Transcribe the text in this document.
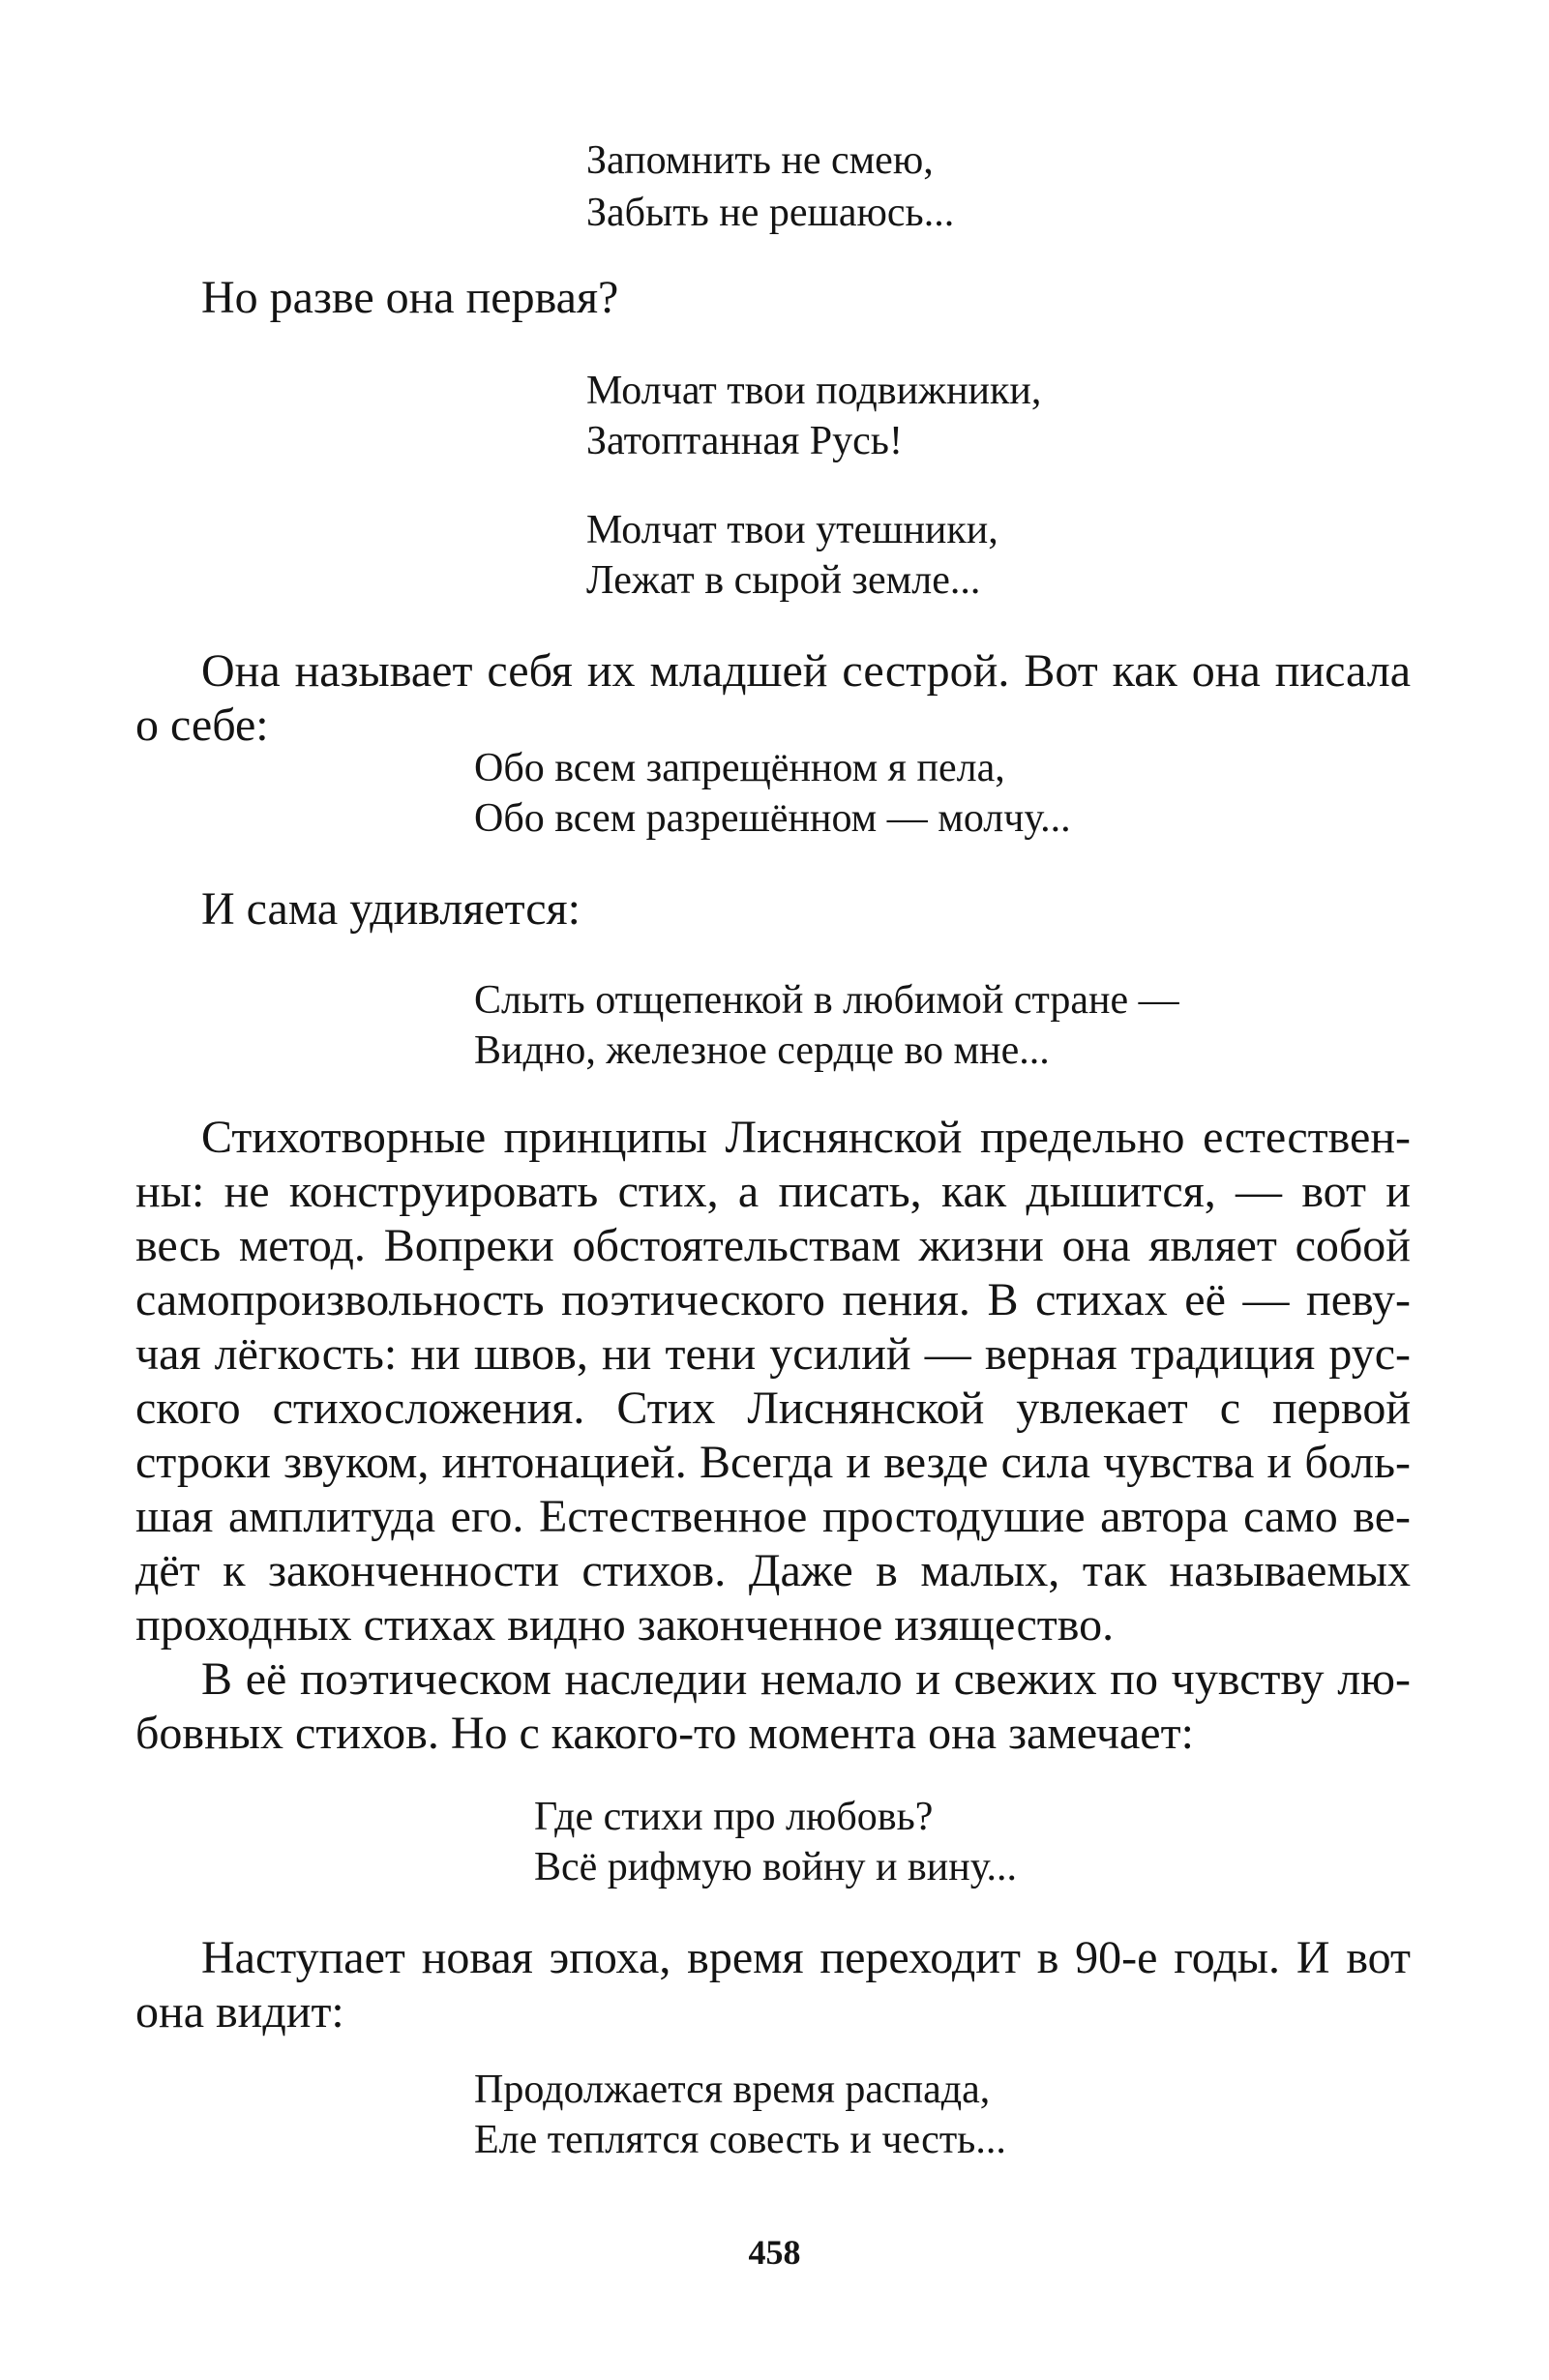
Запомнить не смею,
Забыть не решаюсь...
Но разве она первая?
Молчат твои подвижники,
Затоптанная Русь!
Молчат твои утешники,
Лежат в сырой земле...
Она называет себя их младшей сестрой. Вот как она писала
о себе:
Обо всем запрещённом я пела,
Обо всем разрешённом — молчу...
И сама удивляется:
Слыть отщепенкой в любимой стране —
Видно, железное сердце во мне...
Стихотворные принципы Лиснянской предельно естествен-
ны: не конструировать стих, а писать, как дышится, — вот и
весь метод. Вопреки обстоятельствам жизни она являет собой
самопроизвольность поэтического пения. В стихах её — певу-
чая лёгкость: ни швов, ни тени усилий — верная традиция рус-
ского стихосложения. Стих Лиснянской увлекает с первой
строки звуком, интонацией. Всегда и везде сила чувства и боль-
шая амплитуда его. Естественное простодушие автора само ве-
дёт к законченности стихов. Даже в малых, так называемых
проходных стихах видно законченное изящество.
В её поэтическом наследии немало и свежих по чувству лю-
бовных стихов. Но с какого-то момента она замечает:
Где стихи про любовь?
Всё рифмую войну и вину...
Наступает новая эпоха, время переходит в 90-е годы. И вот
она видит:
Продолжается время распада,
Еле теплятся совесть и честь...
458
